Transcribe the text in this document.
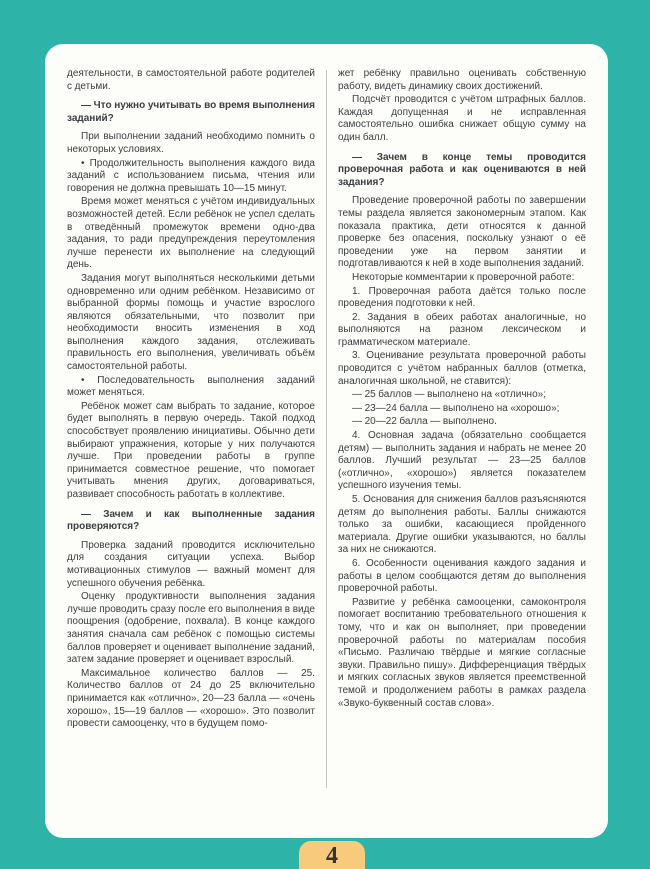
деятельности, в самостоятельной работе родителей с детьми.

— Что нужно учитывать во время выполнения заданий?

При выполнении заданий необходимо помнить о некоторых условиях.

• Продолжительность выполнения каждого вида заданий с использованием письма, чтения или говорения не должна превышать 10—15 минут.

Время может меняться с учётом индивидуальных возможностей детей. Если ребёнок не успел сделать в отведённый промежуток времени одно-два задания, то ради предупреждения переутомления лучше перенести их выполнение на следующий день.

Задания могут выполняться несколькими детьми одновременно или одним ребёнком. Независимо от выбранной формы помощь и участие взрослого являются обязательными, что позволит при необходимости вносить изменения в ход выполнения каждого задания, отслеживать правильность его выполнения, увеличивать объём самостоятельной работы.

• Последовательность выполнения заданий может меняться.

Ребёнок может сам выбрать то задание, которое будет выполнять в первую очередь. Такой подход способствует проявлению инициативы. Обычно дети выбирают упражнения, которые у них получаются лучше. При проведении работы в группе принимается совместное решение, что помогает учитывать мнения других, договариваться, развивает способность работать в коллективе.

— Зачем и как выполненные задания проверяются?

Проверка заданий проводится исключительно для создания ситуации успеха. Выбор мотивационных стимулов — важный момент для успешного обучения ребёнка.

Оценку продуктивности выполнения задания лучше проводить сразу после его выполнения в виде поощрения (одобрение, похвала). В конце каждого занятия сначала сам ребёнок с помощью системы баллов проверяет и оценивает выполнение заданий, затем задание проверяет и оценивает взрослый.

Максимальное количество баллов — 25. Количество баллов от 24 до 25 включительно принимается как «отлично», 20—23 балла — «очень хорошо», 15—19 баллов — «хорошо». Это позволит провести самооценку, что в будущем помо-

жет ребёнку правильно оценивать собственную работу, видеть динамику своих достижений.

Подсчёт проводится с учётом штрафных баллов. Каждая допущенная и не исправленная самостоятельно ошибка снижает общую сумму на один балл.

— Зачем в конце темы проводится проверочная работа и как оцениваются в ней задания?

Проведение проверочной работы по завершении темы раздела является закономерным этапом. Как показала практика, дети относятся к данной проверке без опасения, поскольку узнают о её проведении уже на первом занятии и подготавливаются к ней в ходе выполнения заданий.

Некоторые комментарии к проверочной работе:

1. Проверочная работа даётся только после проведения подготовки к ней.

2. Задания в обеих работах аналогичные, но выполняются на разном лексическом и грамматическом материале.

3. Оценивание результата проверочной работы проводится с учётом набранных баллов (отметка, аналогичная школьной, не ставится):

— 25 баллов — выполнено на «отлично»;

— 23—24 балла — выполнено на «хорошо»;

— 20—22 балла — выполнено.

4. Основная задача (обязательно сообщается детям) — выполнить задания и набрать не менее 20 баллов. Лучший результат — 23—25 баллов («отлично», «хорошо») является показателем успешного изучения темы.

5. Основания для снижения баллов разъясняются детям до выполнения работы. Баллы снижаются только за ошибки, касающиеся пройденного материала. Другие ошибки указываются, но баллы за них не снижаются.

6. Особенности оценивания каждого задания и работы в целом сообщаются детям до выполнения проверочной работы.

Развитие у ребёнка самооценки, самоконтроля помогает воспитанию требовательного отношения к тому, что и как он выполняет, при проведении проверочной работы по материалам пособия «Письмо. Различаю твёрдые и мягкие согласные звуки. Правильно пишу». Дифференциация твёрдых и мягких согласных звуков является преемственной темой и продолжением работы в рамках раздела «Звуко-буквенный состав слова».

4
